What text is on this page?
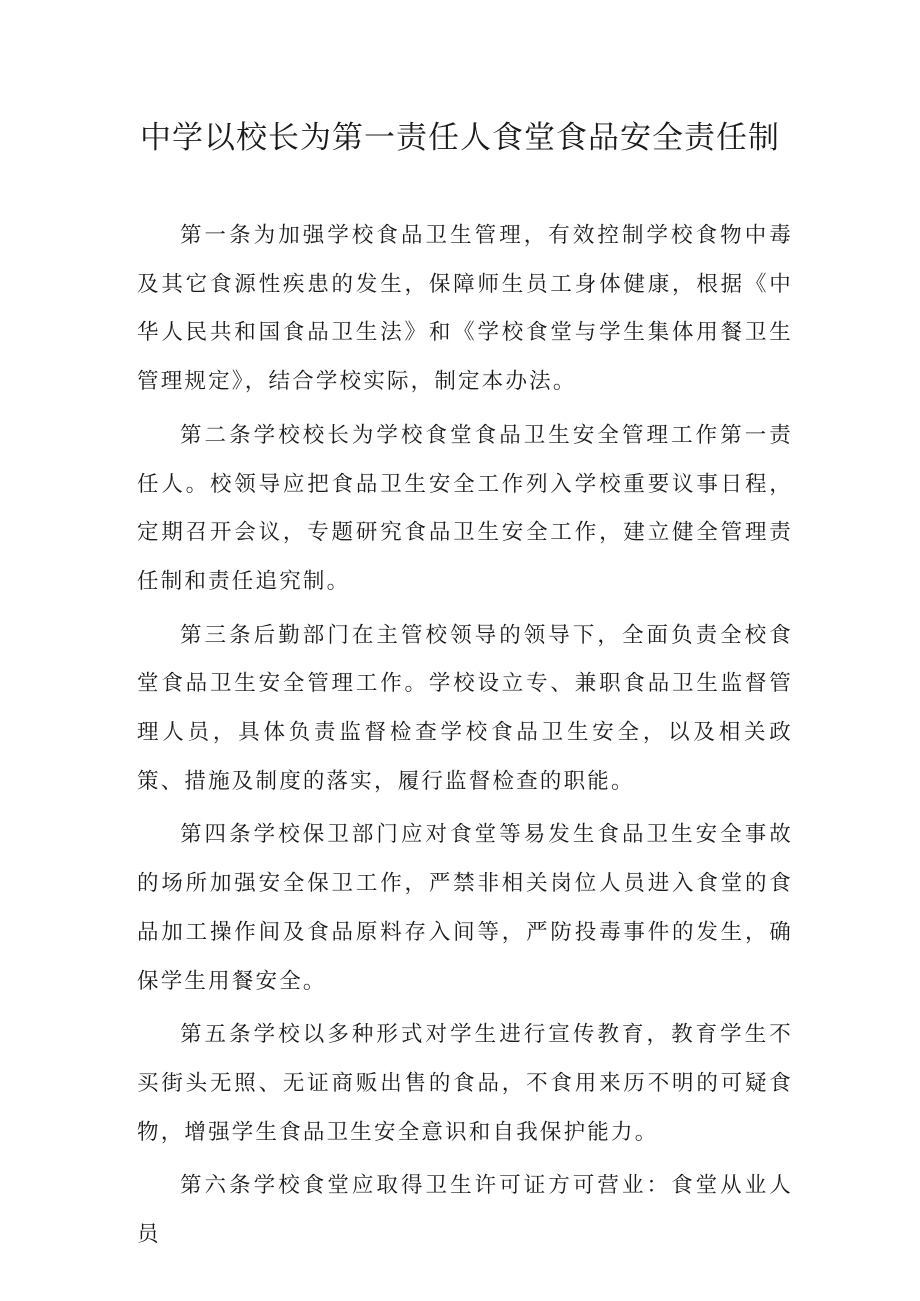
中学以校长为第一责任人食堂食品安全责任制

第一条为加强学校食品卫生管理，有效控制学校食物中毒及其它食源性疾患的发生，保障师生员工身体健康，根据《中华人民共和国食品卫生法》和《学校食堂与学生集体用餐卫生管理规定》，结合学校实际，制定本办法。

第二条学校校长为学校食堂食品卫生安全管理工作第一责任人。校领导应把食品卫生安全工作列入学校重要议事日程，定期召开会议，专题研究食品卫生安全工作，建立健全管理责任制和责任追究制。

第三条后勤部门在主管校领导的领导下，全面负责全校食堂食品卫生安全管理工作。学校设立专、兼职食品卫生监督管理人员，具体负责监督检查学校食品卫生安全，以及相关政策、措施及制度的落实，履行监督检查的职能。

第四条学校保卫部门应对食堂等易发生食品卫生安全事故的场所加强安全保卫工作，严禁非相关岗位人员进入食堂的食品加工操作间及食品原料存入间等，严防投毒事件的发生，确保学生用餐安全。

第五条学校以多种形式对学生进行宣传教育，教育学生不买街头无照、无证商贩出售的食品，不食用来历不明的可疑食物，增强学生食品卫生安全意识和自我保护能力。

第六条学校食堂应取得卫生许可证方可营业：食堂从业人员
